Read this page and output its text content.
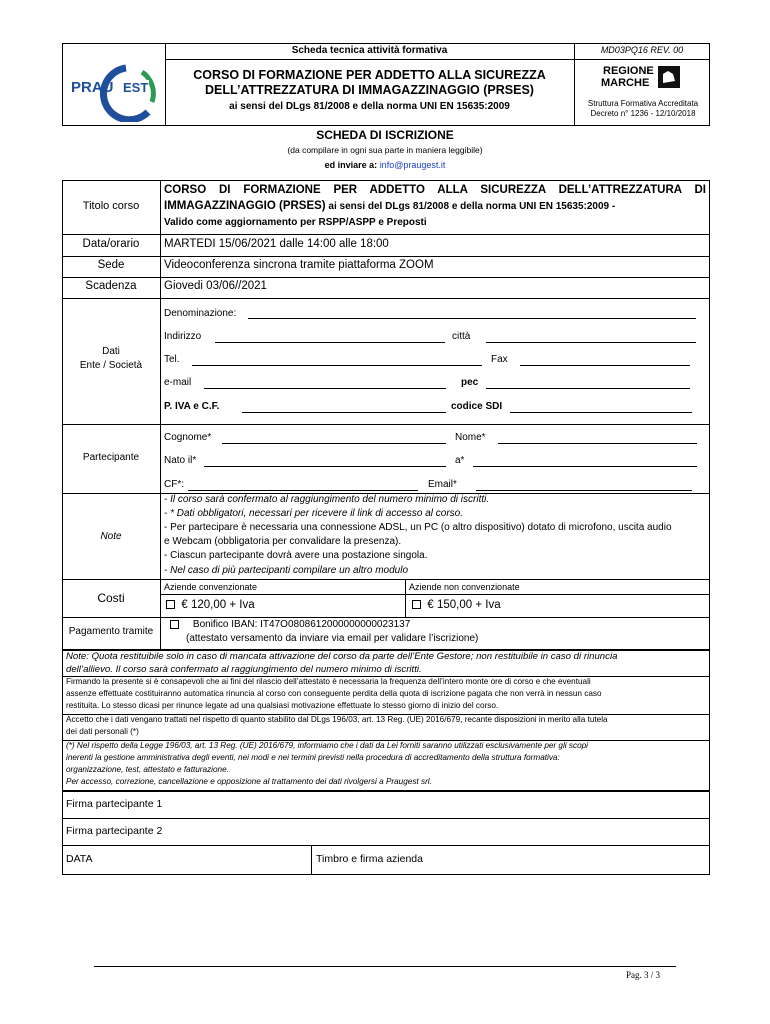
Scheda tecnica attività formativa	MD03PQ16 REV. 00
PRAU EST
CORSO DI FORMAZIONE PER ADDETTO ALLA SICUREZZA
DELL’ATTREZZATURA DI IMMAGAZZINAGGIO (PRSES)
ai sensi del DLgs 81/2008 e della norma UNI EN 15635:2009
REGIONE
MARCHE
Struttura Formativa Accreditata
Decreto n° 1236 - 12/10/2018
SCHEDA DI ISCRIZIONE
(da compilare in ogni sua parte in maniera leggibile)
ed inviare a: info@praugest.it
Titolo corso
CORSO DI FORMAZIONE PER ADDETTO ALLA SICUREZZA DELL’ATTREZZATURA DI
IMMAGAZZINAGGIO (PRSES) ai sensi del DLgs 81/2008 e della norma UNI EN 15635:2009 -
Valido come aggiornamento per RSPP/ASPP e Preposti
Data/orario	MARTEDI 15/06/2021 dalle 14:00 alle 18:00
Sede	Videoconferenza sincrona tramite piattaforma ZOOM
Scadenza	Giovedi 03/06//2021
Dati
Ente / Società
Denominazione:
Indirizzo	città
Tel.	Fax
e-mail	pec
P. IVA e C.F.	codice SDI
Partecipante
Cognome*	Nome*
Nato il*	a*
CF*:	Email*
Note
- Il corso sarà confermato al raggiungimento del numero minimo di iscritti.
- * Dati obbligatori, necessari per ricevere il link di accesso al corso.
- Per partecipare è necessaria una connessione ADSL, un PC (o altro dispositivo) dotato di microfono, uscita audio
e Webcam (obbligatoria per convalidare la presenza).
- Ciascun partecipante dovrà avere una postazione singola.
- Nel caso di più partecipanti compilare un altro modulo
Costi
Aziende convenzionate	Aziende non convenzionate
€ 120,00 + Iva	€ 150,00 + Iva
Pagamento tramite
Bonifico IBAN: IT47O0808612000000000023137
(attestato versamento da inviare via email per validare l’iscrizione)
Note: Quota restituibile solo in caso di mancata attivazione del corso da parte dell’Ente Gestore; non restituibile in caso di rinuncia
dell’allievo. Il corso sarà confermato al raggiungimento del numero minimo di iscritti.
Firmando la presente si è consapevoli che ai fini del rilascio dell’attestato è necessaria la frequenza dell’intero monte ore di corso e che eventuali
assenze effettuate costituiranno automatica rinuncia al corso con conseguente perdita della quota di iscrizione pagata che non verrà in nessun caso
restituita. Lo stesso dicasi per rinunce legate ad una qualsiasi motivazione effettuate lo stesso giorno di inizio del corso.
Accetto che i dati vengano trattati nel rispetto di quanto stabilito dal DLgs 196/03, art. 13 Reg. (UE) 2016/679, recante disposizioni in merito alla tutela
dei dati personali (*)
(*) Nel rispetto della Legge 196/03, art. 13 Reg. (UE) 2016/679, informiamo che i dati da Lei forniti saranno utilizzati esclusivamente per gli scopi
inerenti la gestione amministrativa degli eventi, nei modi e nei termini previsti nella procedura di accreditamento della struttura formativa:
organizzazione, test, attestato e fatturazione.
Per accesso, correzione, cancellazione e opposizione al trattamento dei dati rivolgersi a Praugest srl.
Firma partecipante 1
Firma partecipante 2
DATA	Timbro e firma azienda
Pag. 3 / 3
